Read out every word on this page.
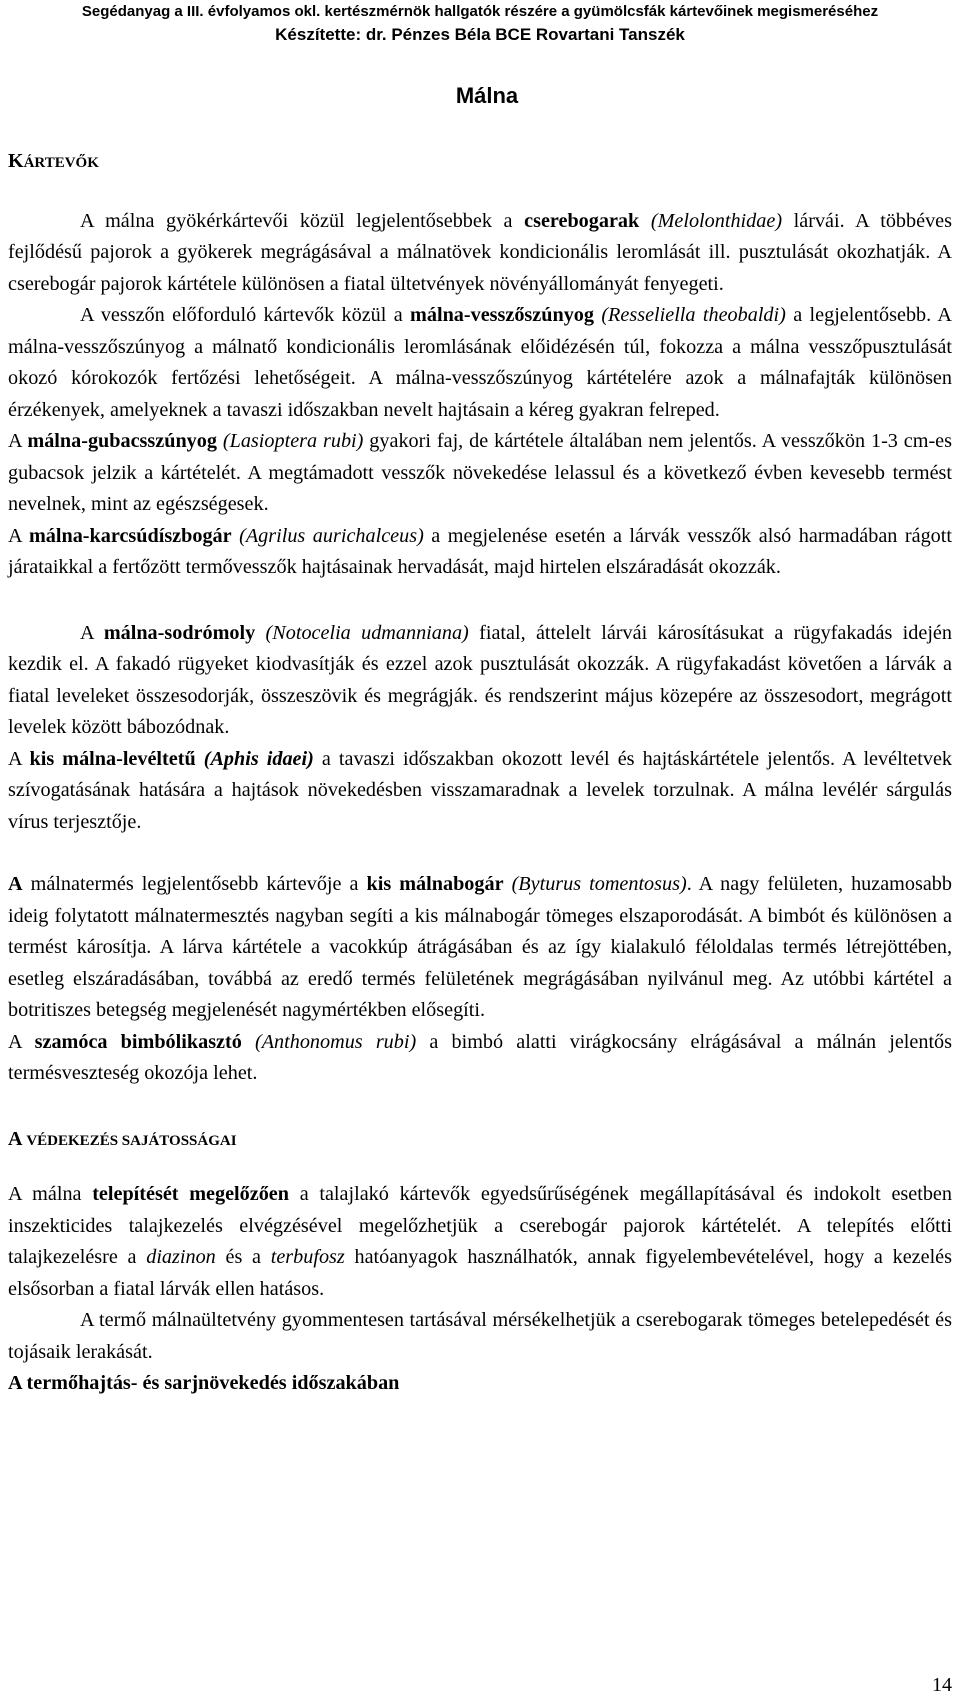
Segédanyag a III. évfolyamos okl. kertészmérnök hallgatók részére a gyümölcsfák kártevőinek megismeréséhez
Készítette: dr. Pénzes Béla BCE Rovartani Tanszék
Málna
KÁRTEVŐK

A málna gyökérkártevői közül legjelentősebbek a cserebogarak (Melolonthidae) lárvái. A többéves fejlődésű pajorok a gyökerek megrágásával a málnatövek kondicionális leromlását ill. pusztulását okozhatják. A cserebogár pajorok kártétele különösen a fiatal ültetvények növényállományát fenyegeti.

A vesszőn előforduló kártevők közül a málna-vesszőszúnyog (Resseliella theobaldi) a legjelentősebb. A málna-vesszőszúnyog a málnatő kondicionális leromlásának előidézésén túl, fokozza a málna vesszőpusztulását okozó kórokozók fertőzési lehetőségeit. A málna-vesszőszúnyog kártételére azok a málnafajták különösen érzékenyek, amelyeknek a tavaszi időszakban nevelt hajtásain a kéreg gyakran felreped.

A málna-gubacsszúnyog (Lasioptera rubi) gyakori faj, de kártétele általában nem jelentős. A vesszőkön 1-3 cm-es gubacsok jelzik a kártételét. A megtámadott vesszők növekedése lelassul és a következő évben kevesebb termést nevelnek, mint az egészségesek.

A málna-karcsúdíszbogár (Agrilus aurichalceus) a megjelenése esetén a lárvák vesszők alsó harmadában rágott járataikkal a fertőzött termővesszők hajtásainak hervadását, majd hirtelen elszáradását okozzák.

A málna-sodrómoly (Notocelia udmanniana) fiatal, áttelelt lárvái károsításukat a rügyfakadás idején kezdik el. A fakadó rügyeket kiodvasítják és ezzel azok pusztulását okozzák. A rügyfakadást követően a lárvák a fiatal leveleket összesodorják, összeszövik és megrágják. és rendszerint május közepére az összesodort, megrágott levelek között bábozódnak.

A kis málna-levéltetű (Aphis idaei) a tavaszi időszakban okozott levél és hajtáskártétele jelentős. A levéltetvek szívogatásának hatására a hajtások növekedésben visszamaradnak a levelek torzulnak. A málna levélér sárgulás vírus terjesztője.

A málnatermés legjelentősebb kártevője a kis málnabogár (Byturus tomentosus). A nagy felületen, huzamosabb ideig folytatott málnatermesztés nagyban segíti a kis málnabogár tömeges elszaporodását. A bimbót és különösen a termést károsítja. A lárva kártétele a vacokkúp átrágásában és az így kialakuló féloldalas termés létrejöttében, esetleg elszáradásában, továbbá az eredő termés felületének megrágásában nyilvánul meg. Az utóbbi kártétel a botritiszes betegség megjelenését nagymértékben elősegíti.

A szamóca bimbólikasztó (Anthonomus rubi) a bimbó alatti virágkocsány elrágásával a málnán jelentős termésveszteség okozója lehet.

A VÉDEKEZÉS SAJÁTOSSÁGAI

A málna telepítését megelőzően a talajlakó kártevők egyedsűrűségének megállapításával és indokolt esetben inszekticides talajkezelés elvégzésével megelőzhetjük a cserebogár pajorok kártételét. A telepítés előtti talajkezelésre a diazinon és a terbufosz hatóanyagok használhatók, annak figyelembevételével, hogy a kezelés elsősorban a fiatal lárvák ellen hatásos.

A termő málnaültetvény gyommentesen tartásával mérsékelhetjük a cserebogarak tömeges betelepedését és tojásaik lerakását.

A termőhajtás- és sarjnövekedés időszakában

14
